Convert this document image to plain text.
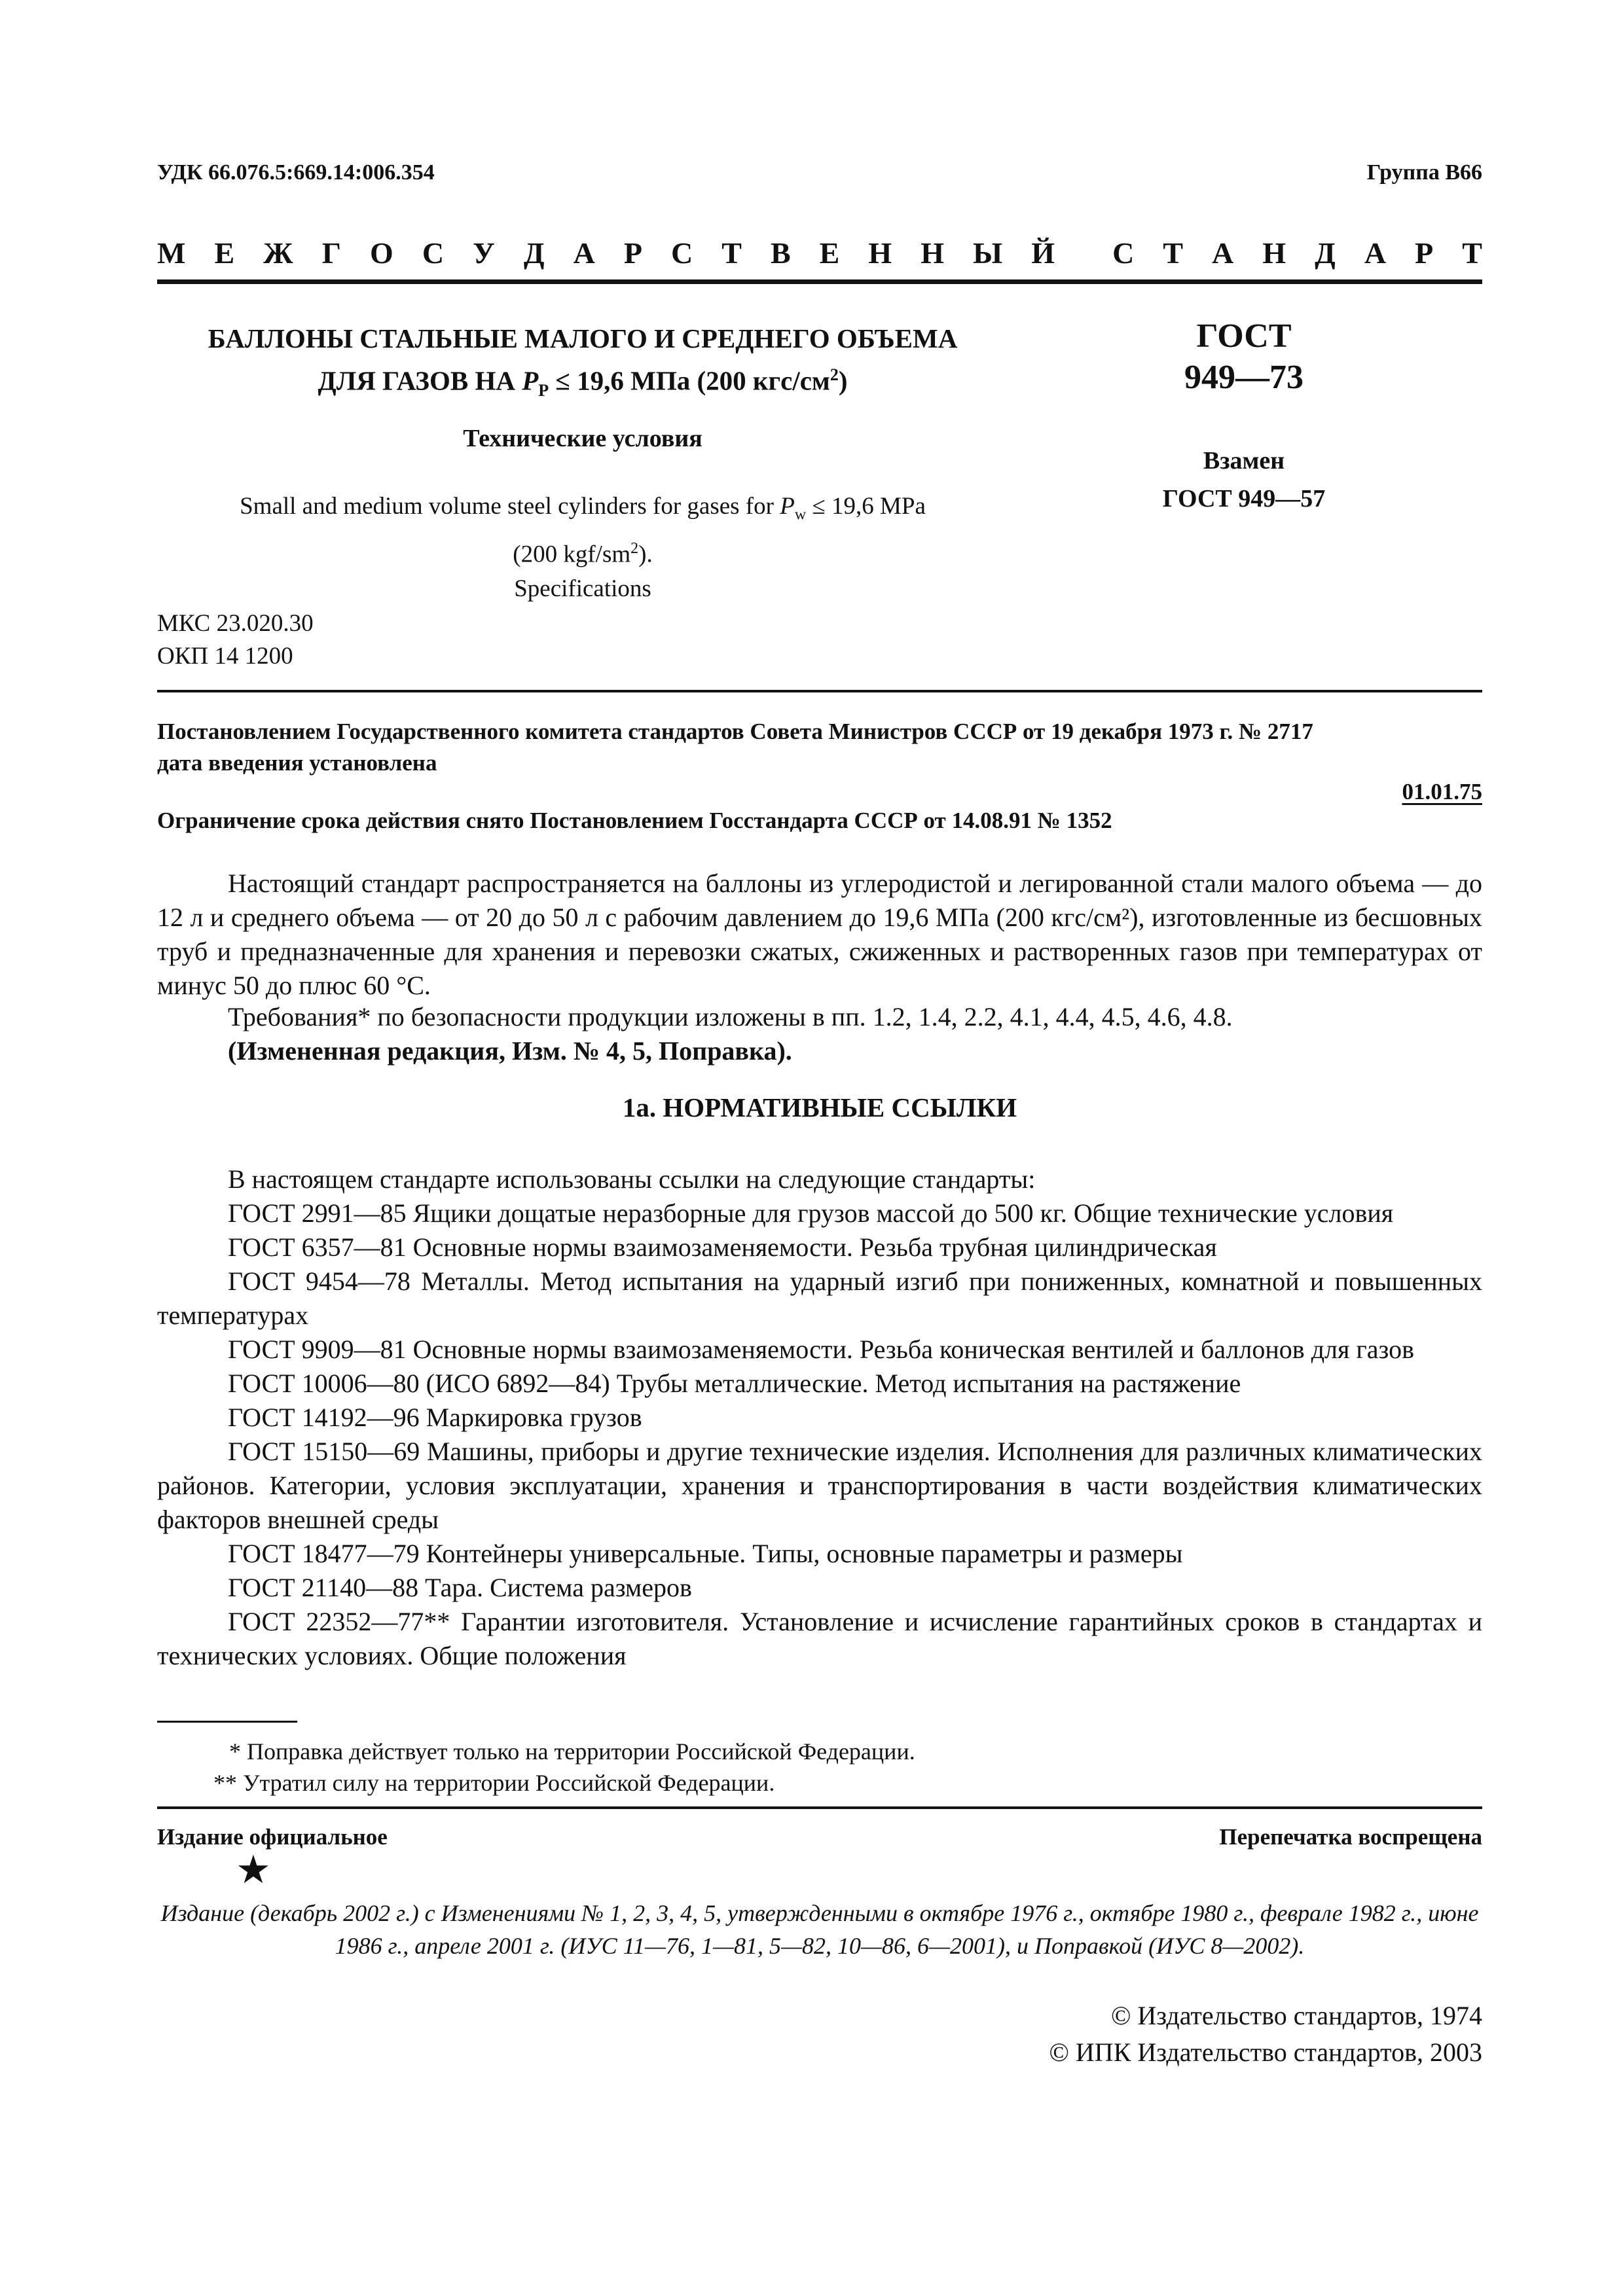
УДК 66.076.5:669.14:006.354	Группа В66
М Е Ж Г О С У Д А Р С Т В Е Н Н Ы Й С Т А Н Д А Р Т
БАЛЛОНЫ СТАЛЬНЫЕ МАЛОГО И СРЕДНЕГО ОБЪЕМА
ДЛЯ ГАЗОВ НА $P_P \le 19,6$ МПа (200 кгс/$см^2$)
ГОСТ
949—73
Технические условия
Взамен
ГОСТ 949—57
Small and medium volume steel cylinders for gases for $P_w \le 19,6$ MPa
(200 kgf/$sm^2$).
Specifications
МКС 23.020.30
ОКП 14 1200
Постановлением Государственного комитета стандартов Совета Министров СССР от 19 декабря 1973 г. № 2717
дата введения установлена
01.01.75
Ограничение срока действия снято Постановлением Госстандарта СССР от 14.08.91 № 1352
Настоящий стандарт распространяется на баллоны из углеродистой и легированной стали малого объема — до 12 л и среднего объема — от 20 до 50 л с рабочим давлением до 19,6 МПа (200 кгс/см²), изготовленные из бесшовных труб и предназначенные для хранения и перевозки сжатых, сжиженных и растворенных газов при температурах от минус 50 до плюс 60 °С.
Требования* по безопасности продукции изложены в пп. 1.2, 1.4, 2.2, 4.1, 4.4, 4.5, 4.6, 4.8.
(Измененная редакция, Изм. № 4, 5, Поправка).
1а. НОРМАТИВНЫЕ ССЫЛКИ
В настоящем стандарте использованы ссылки на следующие стандарты:
ГОСТ 2991—85 Ящики дощатые неразборные для грузов массой до 500 кг. Общие технические условия
ГОСТ 6357—81 Основные нормы взаимозаменяемости. Резьба трубная цилиндрическая
ГОСТ 9454—78 Металлы. Метод испытания на ударный изгиб при пониженных, комнатной и повышенных температурах
ГОСТ 9909—81 Основные нормы взаимозаменяемости. Резьба коническая вентилей и баллонов для газов
ГОСТ 10006—80 (ИСО 6892—84) Трубы металлические. Метод испытания на растяжение
ГОСТ 14192—96 Маркировка грузов
ГОСТ 15150—69 Машины, приборы и другие технические изделия. Исполнения для различных климатических районов. Категории, условия эксплуатации, хранения и транспортирования в части воздействия климатических факторов внешней среды
ГОСТ 18477—79 Контейнеры универсальные. Типы, основные параметры и размеры
ГОСТ 21140—88 Тара. Система размеров
ГОСТ 22352—77** Гарантии изготовителя. Установление и исчисление гарантийных сроков в стандартах и технических условиях. Общие положения
* Поправка действует только на территории Российской Федерации.
** Утратил силу на территории Российской Федерации.
Издание официальное	Перепечатка воспрещена
★
Издание (декабрь 2002 г.) с Изменениями № 1, 2, 3, 4, 5, утвержденными в октябре 1976 г., октябре 1980 г., феврале 1982 г., июне 1986 г., апреле 2001 г. (ИУС 11—76, 1—81, 5—82, 10—86, 6—2001), и Поправкой (ИУС 8—2002).
© Издательство стандартов, 1974
© ИПК Издательство стандартов, 2003
